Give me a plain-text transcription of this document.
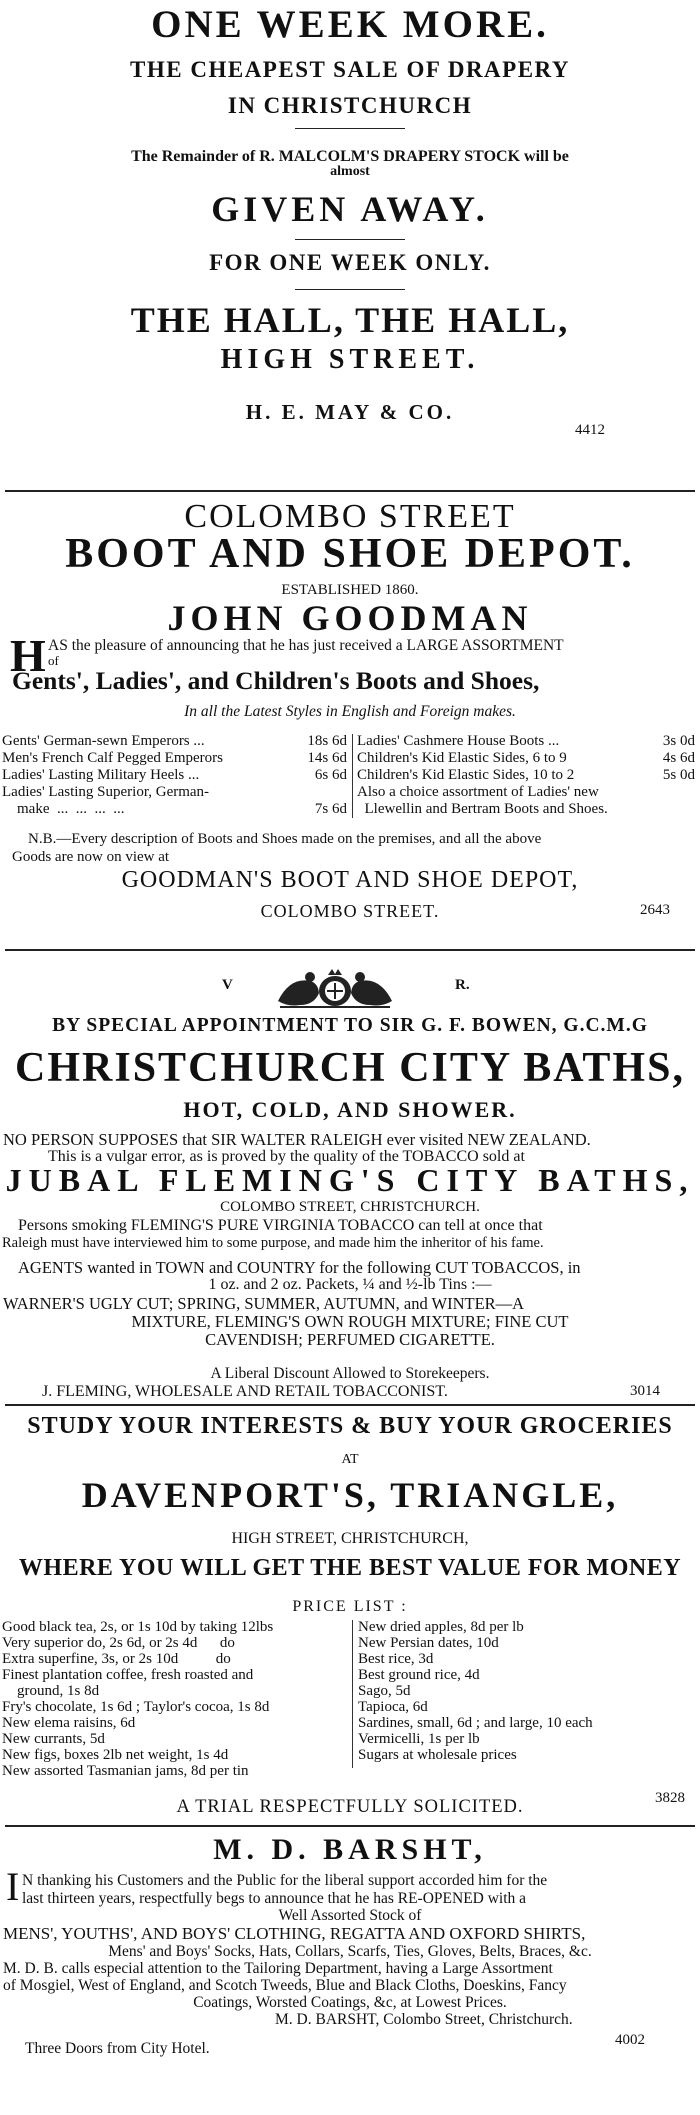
ONE WEEK MORE.
THE CHEAPEST SALE OF DRAPERY
IN CHRISTCHURCH
The Remainder of R. MALCOLM'S DRAPERY STOCK will be
almost
GIVEN AWAY.
FOR ONE WEEK ONLY.
THE HALL, THE HALL,
HIGH STREET.
H. E. MAY & CO.
4412
COLOMBO STREET
BOOT AND SHOE DEPOT.
ESTABLISHED 1860.
JOHN GOODMAN
H AS the pleasure of announcing that he has just received a LARGE ASSORTMENT
of
Gents', Ladies', and Children's Boots and Shoes,
In all the Latest Styles in English and Foreign makes.
Gents' German-sewn Emperors ...	18s 6d
Men's French Calf Pegged Emperors	14s 6d
Ladies' Lasting Military Heels ...	6s 6d
Ladies' Lasting Superior, German-
make  ...  ...  ...  ...	7s 6d
Ladies' Cashmere House Boots ...	3s 0d
Children's Kid Elastic Sides, 6 to 9	4s 6d
Children's Kid Elastic Sides, 10 to 2	5s 0d
Also a choice assortment of Ladies' new
Llewellin and Bertram Boots and Shoes.
N.B.—Every description of Boots and Shoes made on the premises, and all the above
Goods are now on view at
GOODMAN'S BOOT AND SHOE DEPOT,
COLOMBO STREET.	2643
V	R.
BY SPECIAL APPOINTMENT TO SIR G. F. BOWEN, G.C.M.G
CHRISTCHURCH CITY BATHS,
HOT, COLD, AND SHOWER.
NO PERSON SUPPOSES that SIR WALTER RALEIGH ever visited NEW ZEALAND.
This is a vulgar error, as is proved by the quality of the TOBACCO sold at
JUBAL FLEMING'S CITY BATHS,
COLOMBO STREET, CHRISTCHURCH.
Persons smoking FLEMING'S PURE VIRGINIA TOBACCO can tell at once that
Raleigh must have interviewed him to some purpose, and made him the inheritor of his fame.
AGENTS wanted in TOWN and COUNTRY for the following CUT TOBACCOS, in
1 oz. and 2 oz. Packets, ¼ and ½-lb Tins :—
WARNER'S UGLY CUT; SPRING, SUMMER, AUTUMN, and WINTER—A
MIXTURE, FLEMING'S OWN ROUGH MIXTURE; FINE CUT
CAVENDISH; PERFUMED CIGARETTE.
A Liberal Discount Allowed to Storekeepers.
J. FLEMING, WHOLESALE AND RETAIL TOBACCONIST.	3014
STUDY YOUR INTERESTS & BUY YOUR GROCERIES
AT
DAVENPORT'S, TRIANGLE,
HIGH STREET, CHRISTCHURCH,
WHERE YOU WILL GET THE BEST VALUE FOR MONEY
PRICE LIST :
Good black tea, 2s, or 1s 10d by taking 12lbs
Very superior do, 2s 6d, or 2s 4d      do
Extra superfine, 3s, or 2s 10d          do
Finest plantation coffee, fresh roasted and
ground, 1s 8d
Fry's chocolate, 1s 6d ; Taylor's cocoa, 1s 8d
New elema raisins, 6d
New currants, 5d
New figs, boxes 2lb net weight, 1s 4d
New assorted Tasmanian jams, 8d per tin
New dried apples, 8d per lb
New Persian dates, 10d
Best rice, 3d
Best ground rice, 4d
Sago, 5d
Tapioca, 6d
Sardines, small, 6d ; and large, 10 each
Vermicelli, 1s per lb
Sugars at wholesale prices
A TRIAL RESPECTFULLY SOLICITED.	3828
M. D. BARSHT,
I N thanking his Customers and the Public for the liberal support accorded him for the
last thirteen years, respectfully begs to announce that he has RE-OPENED with a
Well Assorted Stock of
MENS', YOUTHS', AND BOYS' CLOTHING, REGATTA AND OXFORD SHIRTS,
Mens' and Boys' Socks, Hats, Collars, Scarfs, Ties, Gloves, Belts, Braces, &c.
M. D. B. calls especial attention to the Tailoring Department, having a Large Assortment
of Mosgiel, West of England, and Scotch Tweeds, Blue and Black Cloths, Doeskins, Fancy
Coatings, Worsted Coatings, &c, at Lowest Prices.
M. D. BARSHT, Colombo Street, Christchurch.
Three Doors from City Hotel.	4002
